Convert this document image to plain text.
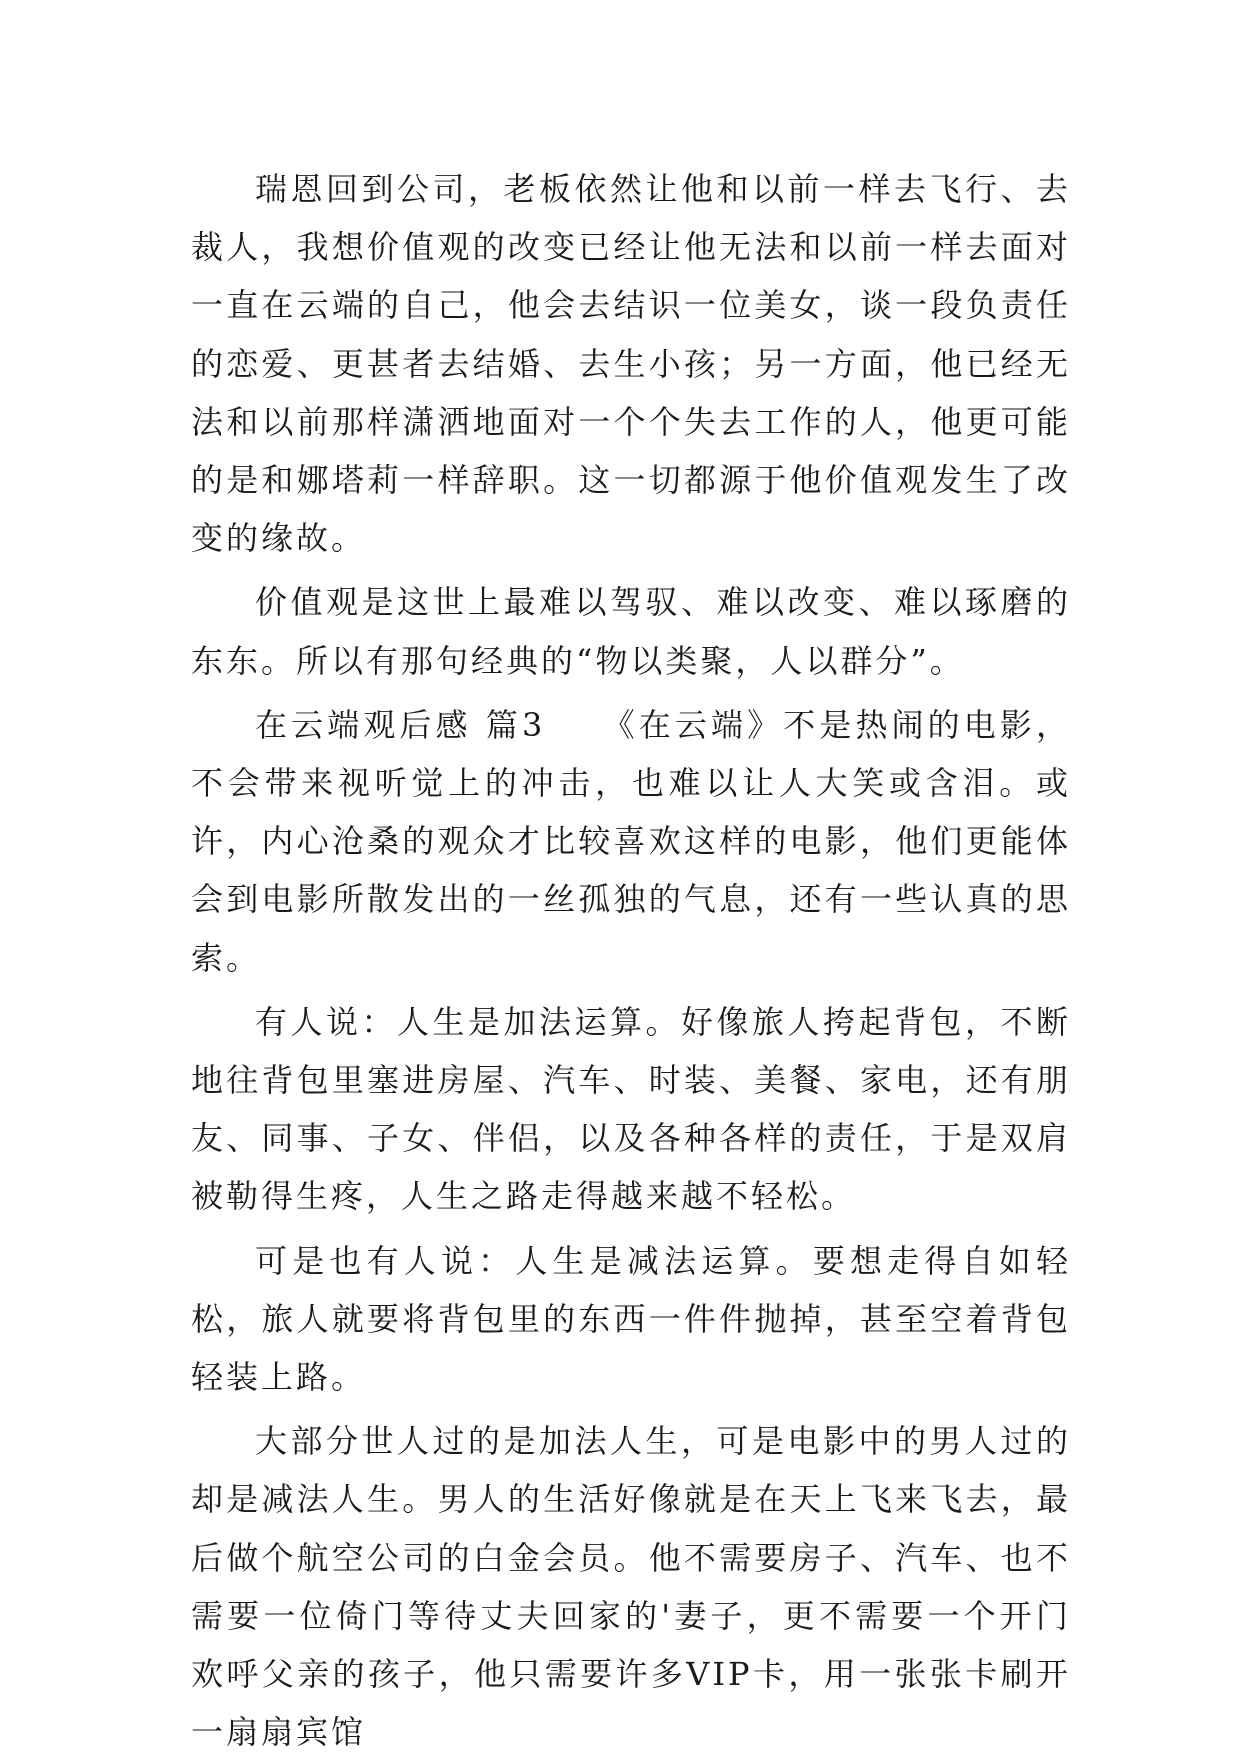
瑞恩回到公司，老板依然让他和以前一样去飞行、去裁人，我想价值观的改变已经让他无法和以前一样去面对一直在云端的自己，他会去结识一位美女，谈一段负责任的恋爱、更甚者去结婚、去生小孩；另一方面，他已经无法和以前那样潇洒地面对一个个失去工作的人，他更可能的是和娜塔莉一样辞职。这一切都源于他价值观发生了改变的缘故。

价值观是这世上最难以驾驭、难以改变、难以琢磨的东东。所以有那句经典的“物以类聚，人以群分”。

在云端观后感 篇3　　《在云端》不是热闹的电影，不会带来视听觉上的冲击，也难以让人大笑或含泪。或许，内心沧桑的观众才比较喜欢这样的电影，他们更能体会到电影所散发出的一丝孤独的气息，还有一些认真的思索。

有人说：人生是加法运算。好像旅人挎起背包，不断地往背包里塞进房屋、汽车、时装、美餐、家电，还有朋友、同事、子女、伴侣，以及各种各样的责任，于是双肩被勒得生疼，人生之路走得越来越不轻松。

可是也有人说：人生是减法运算。要想走得自如轻松，旅人就要将背包里的东西一件件抛掉，甚至空着背包轻装上路。

大部分世人过的是加法人生，可是电影中的男人过的却是减法人生。男人的生活好像就是在天上飞来飞去，最后做个航空公司的白金会员。他不需要房子、汽车、也不需要一位倚门等待丈夫回家的'妻子，更不需要一个开门欢呼父亲的孩子，他只需要许多VIP卡，用一张张卡刷开一扇扇宾馆
